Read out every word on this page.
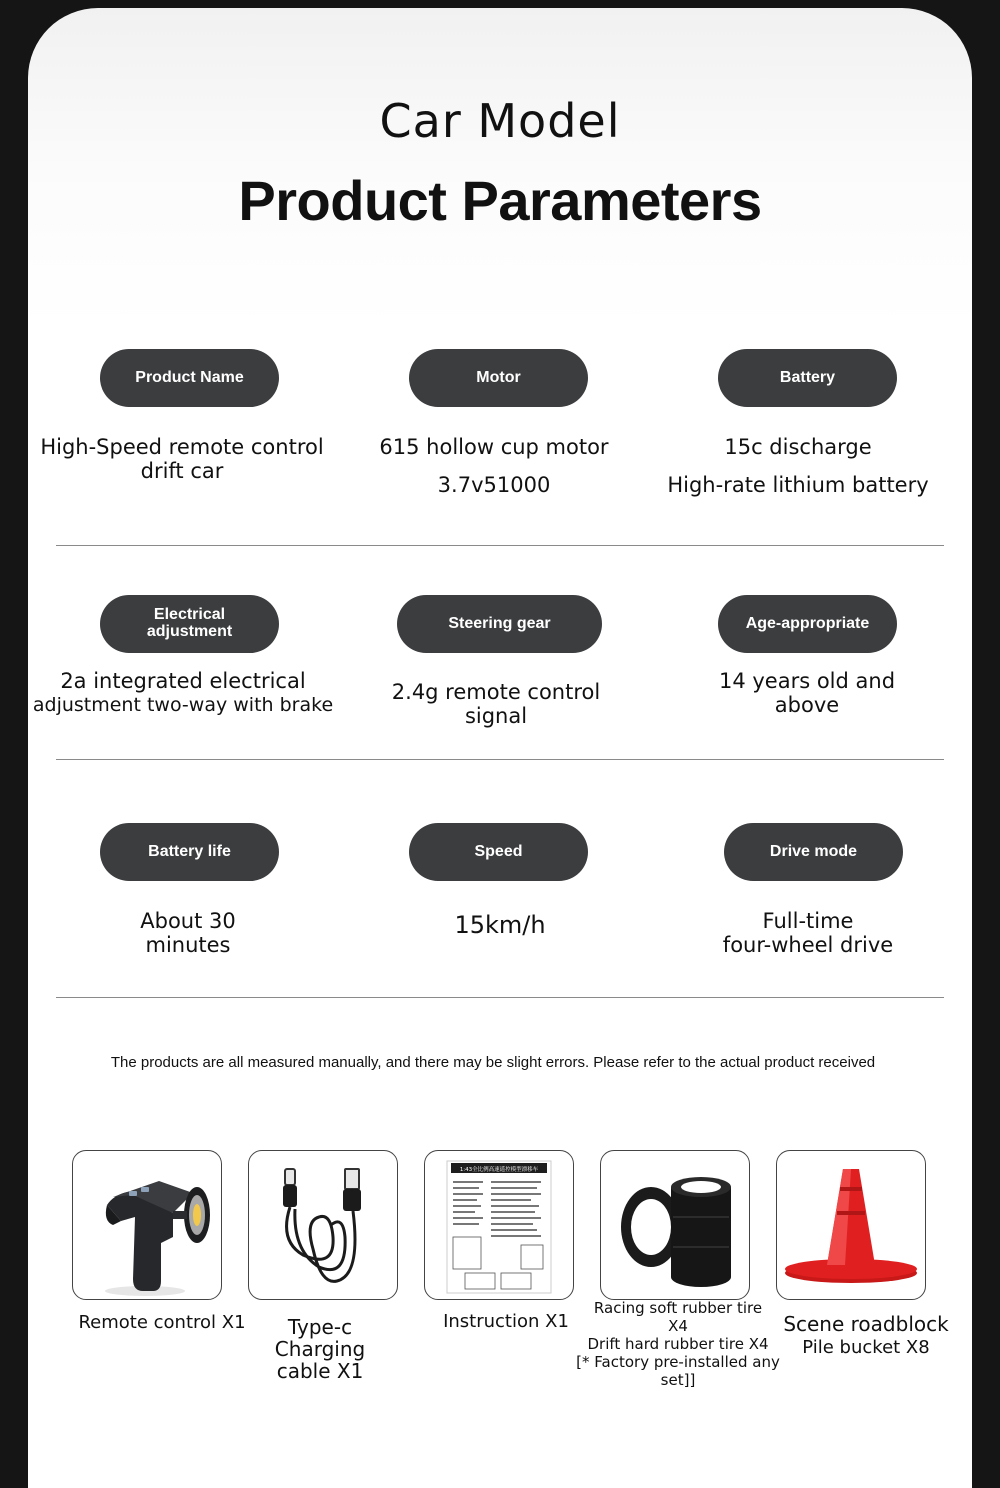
Car Model
Product Parameters
Product Name
High-Speed remote control
drift car
Motor
615 hollow cup motor
3.7v51000
Battery
15c discharge
High-rate lithium battery
Electrical
adjustment
2a integrated electrical
adjustment two-way with brake
Steering gear
2.4g remote control
signal
Age-appropriate
14 years old and
above
Battery life
About 30
minutes
Speed
15km/h
Drive mode
Full-time
four-wheel drive
The products are all measured manually, and there may be slight errors. Please refer to the actual product received
Remote control X1	Type-c
Charging
cable X1
1:43全比例高速遥控模型漂移车
Instruction X1
Racing soft rubber tire
X4
Drift hard rubber tire X4
[* Factory pre-installed any set]]
Scene roadblock
Pile bucket X8
